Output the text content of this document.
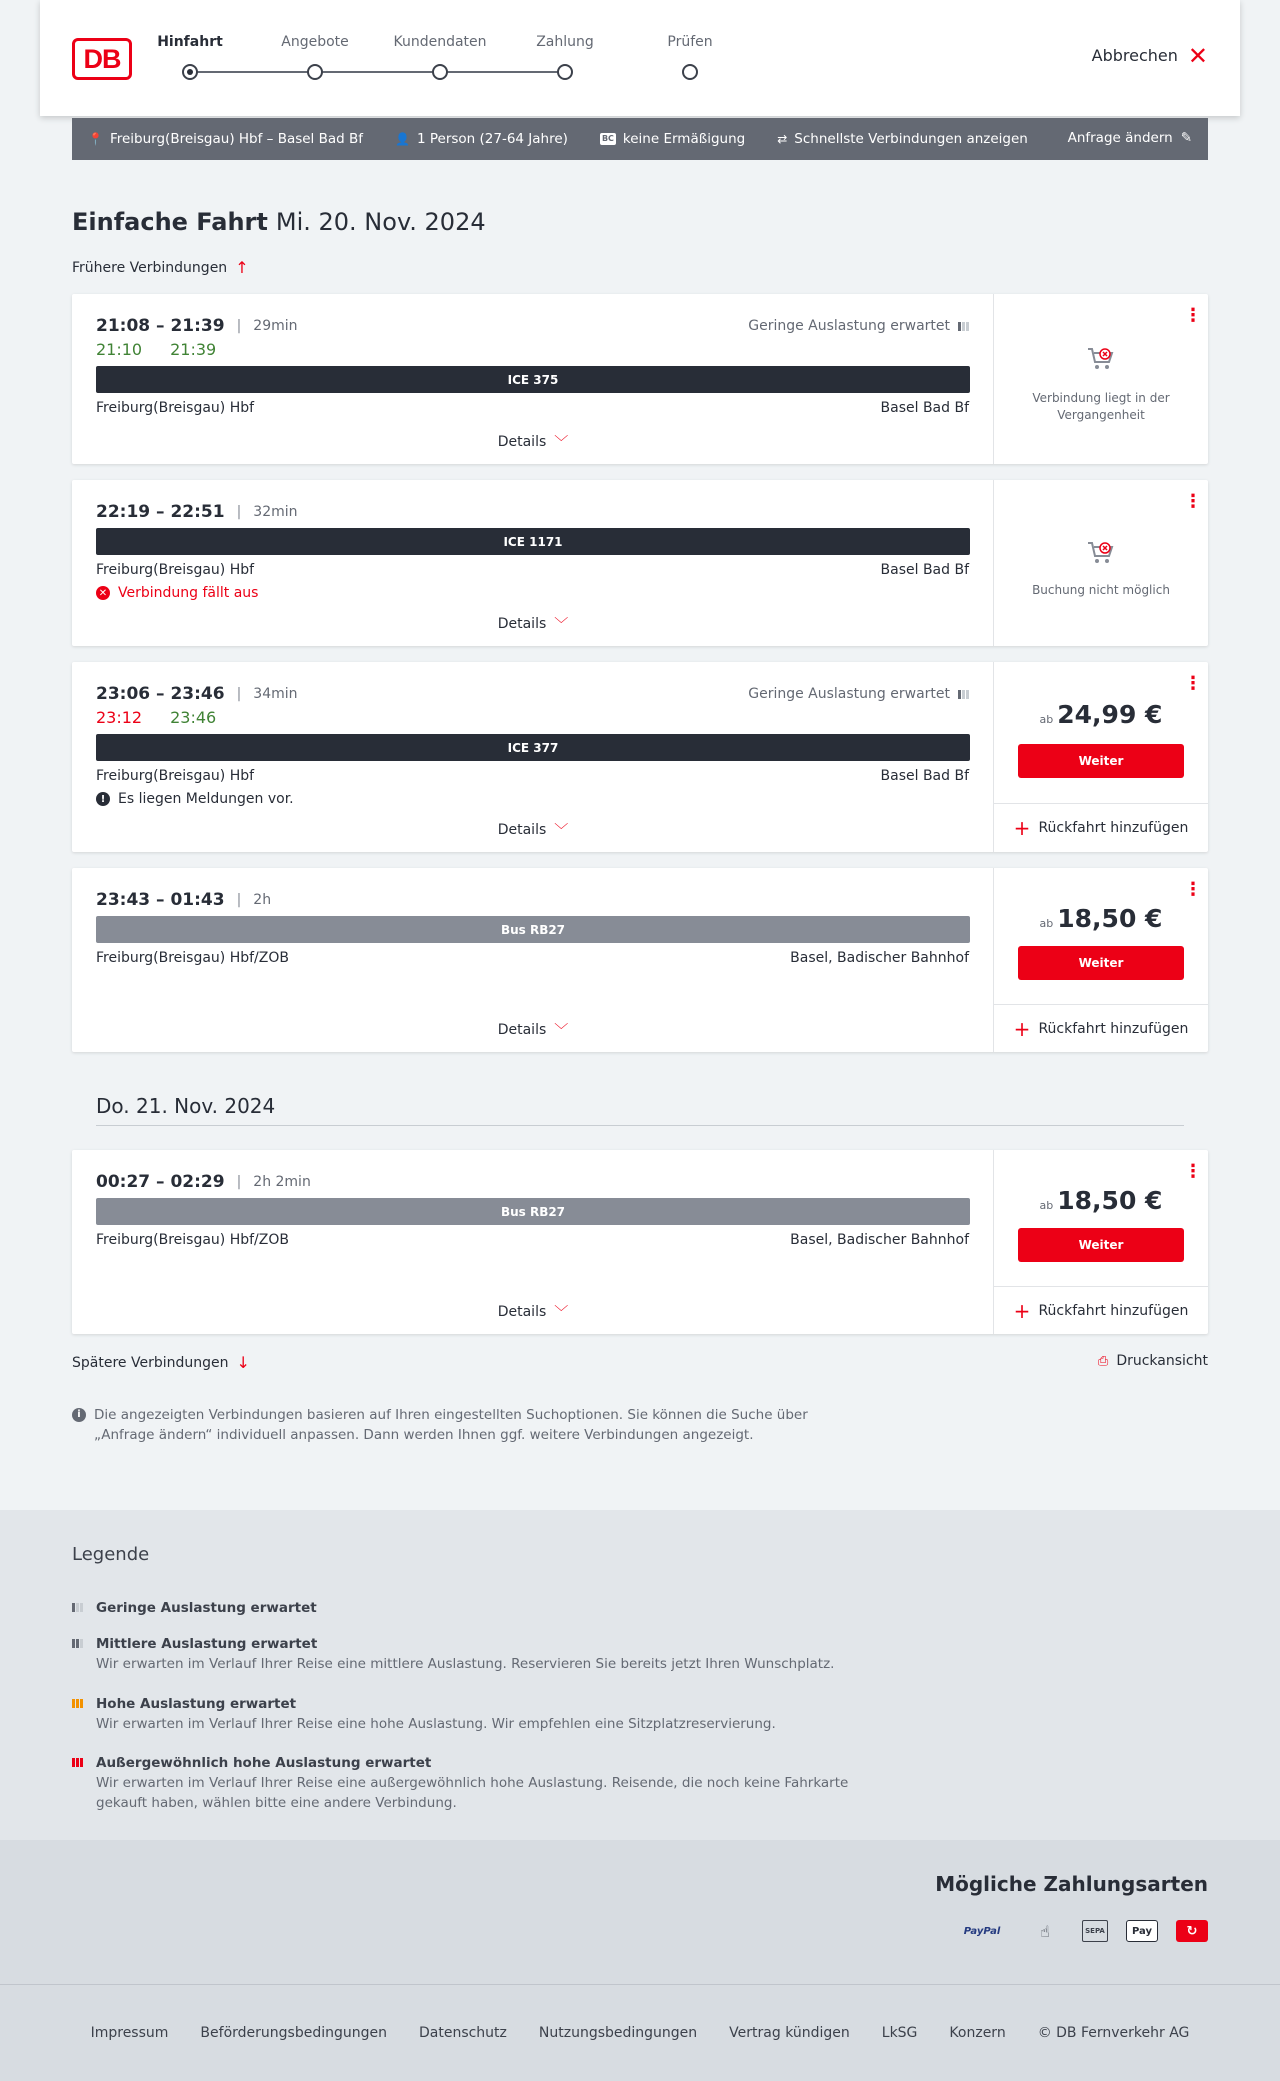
DB
Hinfahrt	Angebote	Kundendaten	Zahlung	Prüfen
Abbrechen ✕
📍 Freiburg(Breisgau) Hbf – Basel Bad Bf	👤 1 Person (27-64 Jahre)	BC keine Ermäßigung	⇄ Schnellste Verbindungen anzeigen	Anfrage ändern ✎
Einfache Fahrt Mi. 20. Nov. 2024
Frühere Verbindungen ↑
21:08 – 21:39 | 29min
21:10 21:39
Geringe Auslastung erwartet
ICE 375
Freiburg(Breisgau) Hbf	Basel Bad Bf
Details ﹀
⋮
Verbindung liegt in der Vergangenheit
22:19 – 22:51 | 32min
ICE 1171
Freiburg(Breisgau) Hbf	Basel Bad Bf
✕ Verbindung fällt aus
Details ﹀
⋮
Buchung nicht möglich
23:06 – 23:46 | 34min
23:12 23:46
Geringe Auslastung erwartet
ICE 377
Freiburg(Breisgau) Hbf	Basel Bad Bf
! Es liegen Meldungen vor.
Details ﹀
⋮
ab 24,99 €
Weiter
+ Rückfahrt hinzufügen
23:43 – 01:43 | 2h
Bus RB27
Freiburg(Breisgau) Hbf/ZOB	Basel, Badischer Bahnhof
Details ﹀
⋮
ab 18,50 €
Weiter
+ Rückfahrt hinzufügen
Do. 21. Nov. 2024
00:27 – 02:29 | 2h 2min
Bus RB27
Freiburg(Breisgau) Hbf/ZOB	Basel, Badischer Bahnhof
Details ﹀
⋮
ab 18,50 €
Weiter
+ Rückfahrt hinzufügen
Spätere Verbindungen ↓	⎙ Druckansicht
i Die angezeigten Verbindungen basieren auf Ihren eingestellten Suchoptionen. Sie können die Suche über „Anfrage ändern“ individuell anpassen. Dann werden Ihnen ggf. weitere Verbindungen angezeigt.
Legende
Geringe Auslastung erwartet
Mittlere Auslastung erwartet

Wir erwarten im Verlauf Ihrer Reise eine mittlere Auslastung. Reservieren Sie bereits jetzt Ihren Wunschplatz.

Hohe Auslastung erwartet

Wir erwarten im Verlauf Ihrer Reise eine hohe Auslastung. Wir empfehlen eine Sitzplatzreservierung.

Außergewöhnlich hohe Auslastung erwartet

Wir erwarten im Verlauf Ihrer Reise eine außergewöhnlich hohe Auslastung. Reisende, die noch keine Fahrkarte gekauft haben, wählen bitte eine andere Verbindung.

Mögliche Zahlungsarten
PayPal	☝	SEPA	Pay	↻
Impressum Beförderungsbedingungen Datenschutz Nutzungsbedingungen Vertrag kündigen LkSG Konzern © DB Fernverkehr AG
